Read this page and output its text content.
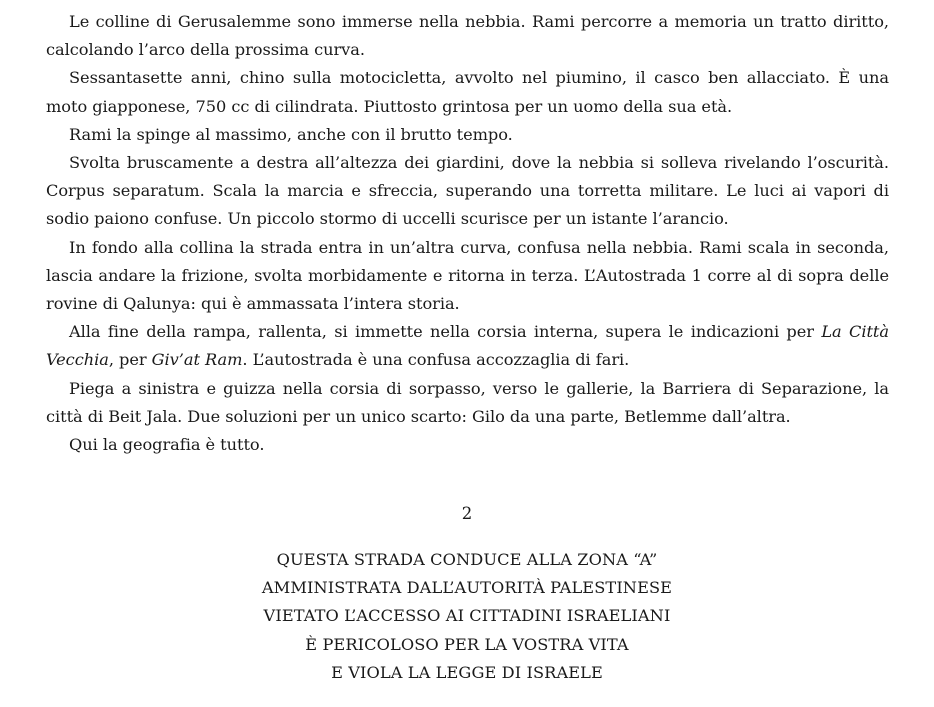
Le colline di Gerusalemme sono immerse nella nebbia. Rami percorre a memoria un tratto diritto, calcolando l’arco della prossima curva.

Sessantasette anni, chino sulla motocicletta, avvolto nel piumino, il casco ben allacciato. È una moto giapponese, 750 cc di cilindrata. Piuttosto grintosa per un uomo della sua età.

Rami la spinge al massimo, anche con il brutto tempo.

Svolta bruscamente a destra all’altezza dei giardini, dove la nebbia si solleva rivelando l’oscurità. Corpus separatum. Scala la marcia e sfreccia, superando una torretta militare. Le luci ai vapori di sodio paiono confuse. Un piccolo stormo di uccelli scurisce per un istante l’arancio.

In fondo alla collina la strada entra in un’altra curva, confusa nella nebbia. Rami scala in seconda, lascia andare la frizione, svolta morbidamente e ritorna in terza. L’Autostrada 1 corre al di sopra delle rovine di Qalunya: qui è ammassata l’intera storia.

Alla fine della rampa, rallenta, si immette nella corsia interna, supera le indicazioni per La Città Vecchia, per Giv’at Ram. L’autostrada è una confusa accozzaglia di fari.

Piega a sinistra e guizza nella corsia di sorpasso, verso le gallerie, la Barriera di Separazione, la città di Beit Jala. Due soluzioni per un unico scarto: Gilo da una parte, Betlemme dall’altra.

Qui la geografia è tutto.

2

QUESTA STRADA CONDUCE ALLA ZONA “A”
AMMINISTRATA DALL’AUTORITÀ PALESTINESE
VIETATO L’ACCESSO AI CITTADINI ISRAELIANI
È PERICOLOSO PER LA VOSTRA VITA
E VIOLA LA LEGGE DI ISRAELE
